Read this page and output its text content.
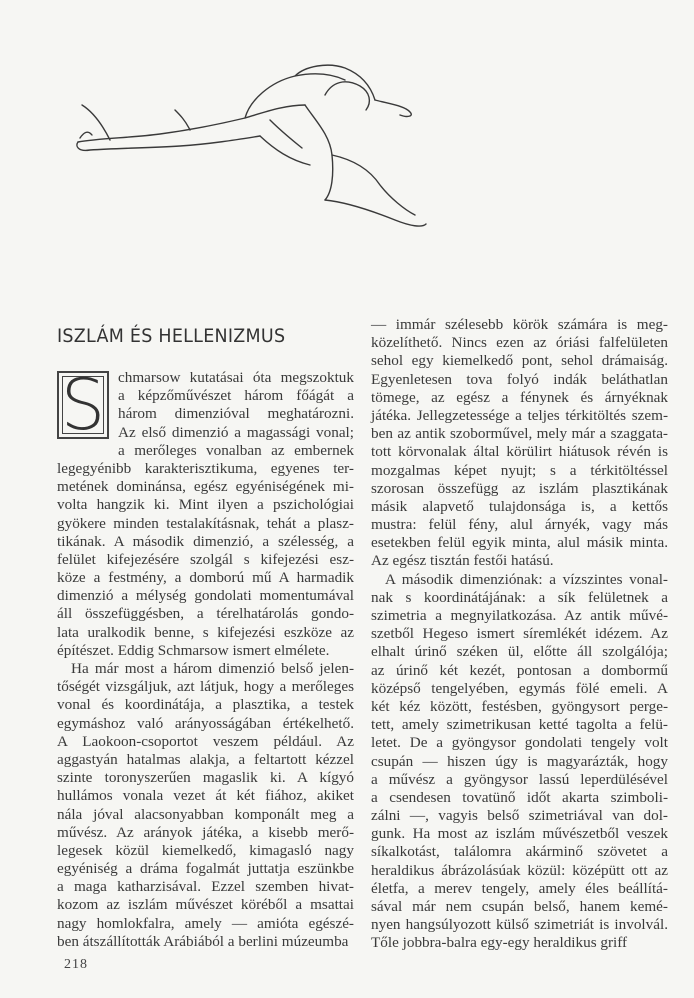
ISZLÁM ÉS HELLENIZMUS
S chmarsow kutatásai óta megszoktuk
a képzőművészet három főágát a
három dimenzióval meghatározni.
Az első dimenzió a magassági vonal;
a merőleges vonalban az embernek
legegyénibb karakterisztikuma, egyenes ter-
metének dominánsa, egész egyéniségének mi-
volta hangzik ki. Mint ilyen a pszichológiai
gyökere minden testalakításnak, tehát a plasz-
tikának. A második dimenzió, a szélesség, a
felület kifejezésére szolgál s kifejezési esz-
köze a festmény, a domború mű A harmadik
dimenzió a mélység gondolati momentumával
áll összefüggésben, a térelhatárolás gondo-
lata uralkodik benne, s kifejezési eszköze az
építészet. Eddig Schmarsow ismert elmélete.
Ha már most a három dimenzió belső jelen-
tőségét vizsgáljuk, azt látjuk, hogy a merőleges
vonal és koordinátája, a plasztika, a testek
egymáshoz való arányosságában értékelhető.
A Laokoon-csoportot veszem például. Az
aggastyán hatalmas alakja, a feltartott kézzel
szinte toronyszerűen magaslik ki. A kígyó
hullámos vonala vezet át két fiához, akiket
nála jóval alacsonyabban komponált meg a
művész. Az arányok játéka, a kisebb merő-
legesek közül kiemelkedő, kimagasló nagy
egyéniség a dráma fogalmát juttatja eszünkbe
a maga katharzisával. Ezzel szemben hivat-
kozom az iszlám művészet köréből a msattai
nagy homlokfalra, amely — amióta egészé-
ben átszállították Arábiából a berlini múzeumba
— immár szélesebb körök számára is meg-
közelíthető. Nincs ezen az óriási falfelületen
sehol egy kiemelkedő pont, sehol drámaiság.
Egyenletesen tova folyó indák beláthatlan
tömege, az egész a fénynek és árnyéknak
játéka. Jellegzetessége a teljes térkitöltés szem-
ben az antik szoborművel, mely már a szaggata-
tott körvonalak által körülirt hiátusok révén is
mozgalmas képet nyujt; s a térkitöltéssel
szorosan összefügg az iszlám plasztikának
másik alapvető tulajdonsága is, a kettős
mustra: felül fény, alul árnyék, vagy más
esetekben felül egyik minta, alul másik minta.
Az egész tisztán festői hatású.
A második dimenziónak: a vízszintes vonal-
nak s koordinátájának: a sík felületnek a
szimetria a megnyilatkozása. Az antik művé-
szetből Hegeso ismert síremlékét idézem. Az
elhalt úrinő széken ül, előtte áll szolgálója;
az úrinő két kezét, pontosan a dombormű
középső tengelyében, egymás fölé emeli. A
két kéz között, festésben, gyöngysort perge-
tett, amely szimetrikusan ketté tagolta a felü-
letet. De a gyöngysor gondolati tengely volt
csupán — hiszen úgy is magyarázták, hogy
a művész a gyöngysor lassú leperdülésével
a csendesen tovatünő időt akarta szimboli-
zálni —, vagyis belső szimetriával van dol-
gunk. Ha most az iszlám művészetből veszek
síkalkotást, találomra akárminő szövetet a
heraldikus ábrázolásúak közül: középütt ott az
életfa, a merev tengely, amely éles beállítá-
sával már nem csupán belső, hanem kemé-
nyen hangsúlyozott külső szimetriát is involvál.
Tőle jobbra-balra egy-egy heraldikus griff
218
